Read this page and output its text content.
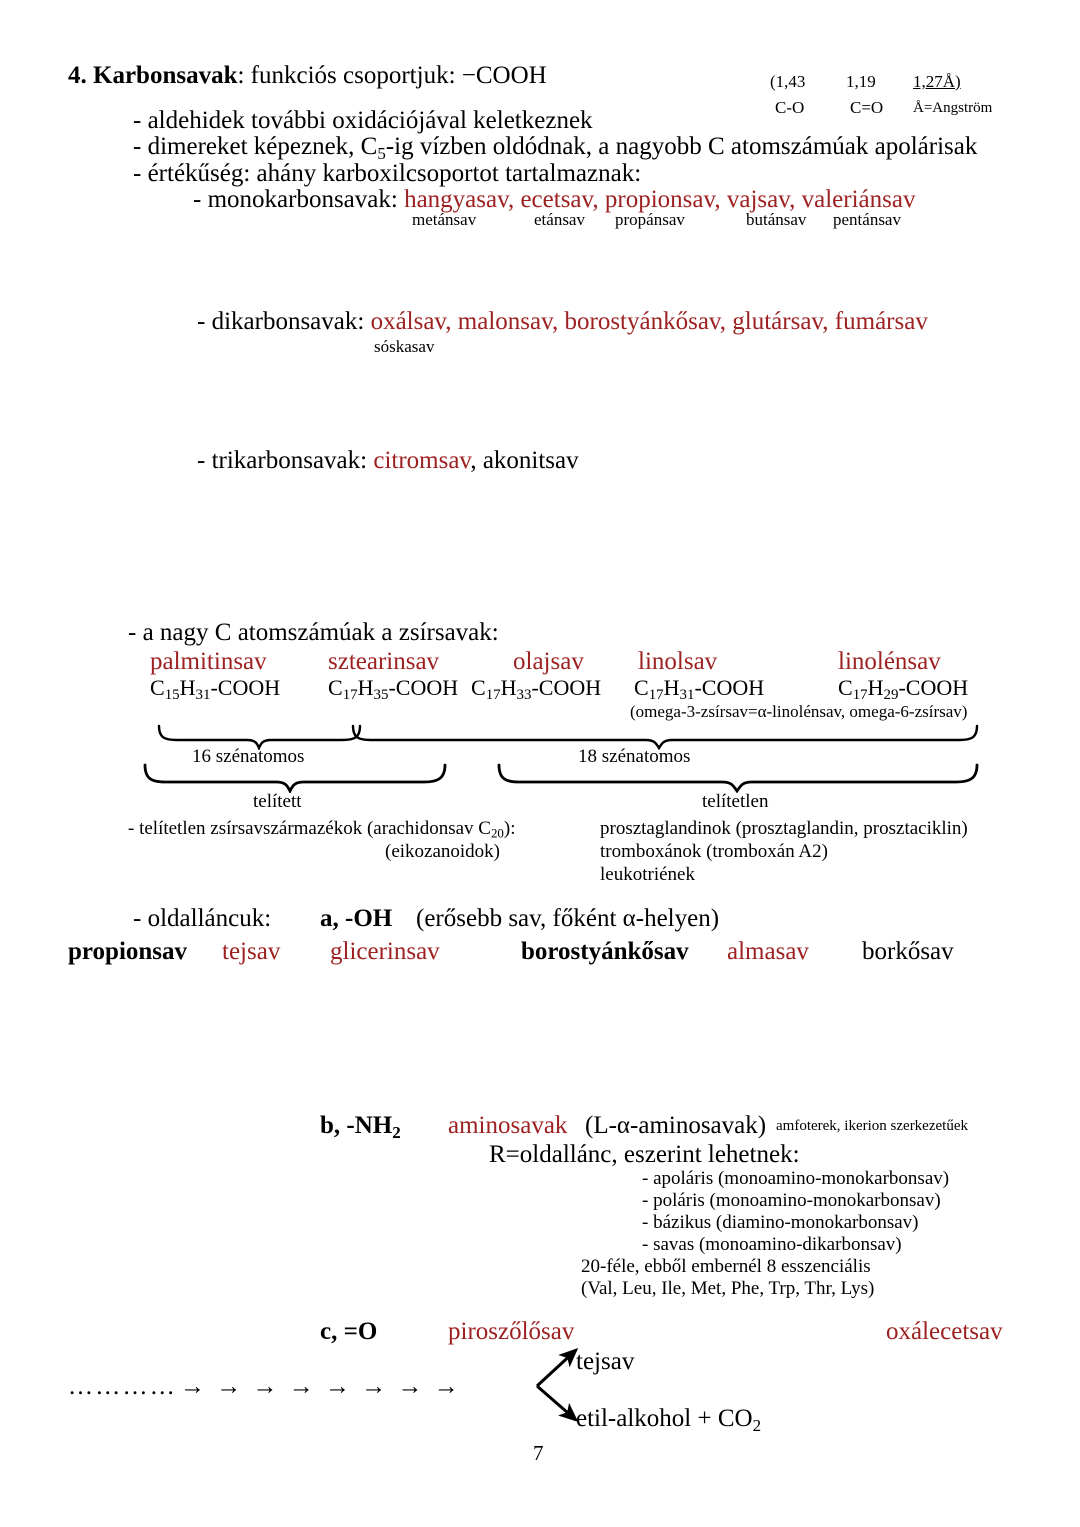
4. Karbonsavak: funkciós csoportjuk: −COOH	(1,43 1,19 1,27Å)
C-O	C=O Å=Angström
- aldehidek további oxidációjával keletkeznek
- dimereket képeznek, $C_5-ig$ vízben oldódnak, a nagyobb C atomszámúak apolárisak
- értékűség: ahány karboxilcsoportot tartalmaznak:
- monokarbonsavak: hangyasav, ecetsav, propionsav, vajsav, valeriánsav
metánsav	etánsav propánsav	butánsav pentánsav
- dikarbonsavak: oxálsav, malonsav, borostyánkősav, glutársav, fumársav
sóskasav
- trikarbonsavak: citromsav, akonitsav
- a nagy C atomszámúak a zsírsavak:
palmitinsav sztearinsav	olajsav linolsav	linolénsav
$C_{15}H_{31}$-COOH $C_{17}H_{35}$-COOH $C_{17}H_{33}$-COOH $C_{17}H_{31}$-COOH	$C_{17}H_{29}$-COOH
(omega-3-zsírsav=α-linolénsav, omega-6-zsírsav)
16 szénatomos	18 szénatomos
telített	telítetlen
- telítetlen zsírsavszármazékok (arachidonsav $C_{20}$):
(eikozanoidok)
prosztaglandinok (prosztaglandin, prosztaciklin)
tromboxánok (tromboxán A2)
leukotriének
- oldalláncuk: a, -OH (erősebb sav, főként α-helyen)
propionsav tejsav glicerinsav	borostyánkősav almasav borkősav
b, $-NH_2$ aminosavak (L-α-aminosavak) amfoterek, ikerion szerkezetűek
R=oldallánc, eszerint lehetnek:
- apoláris (monoamino-monokarbonsav)
- poláris (monoamino-monokarbonsav)
- bázikus (diamino-monokarbonsav)
- savas (monoamino-dikarbonsav)
20-féle, ebből embernél 8 esszenciális
(Val, Leu, Ile, Met, Phe, Trp, Thr, Lys)
c, =O	piroszőlősav	oxálecetsav
tejsav
etil-alkohol + $CO_2$
………… → → → → → → → →
7
